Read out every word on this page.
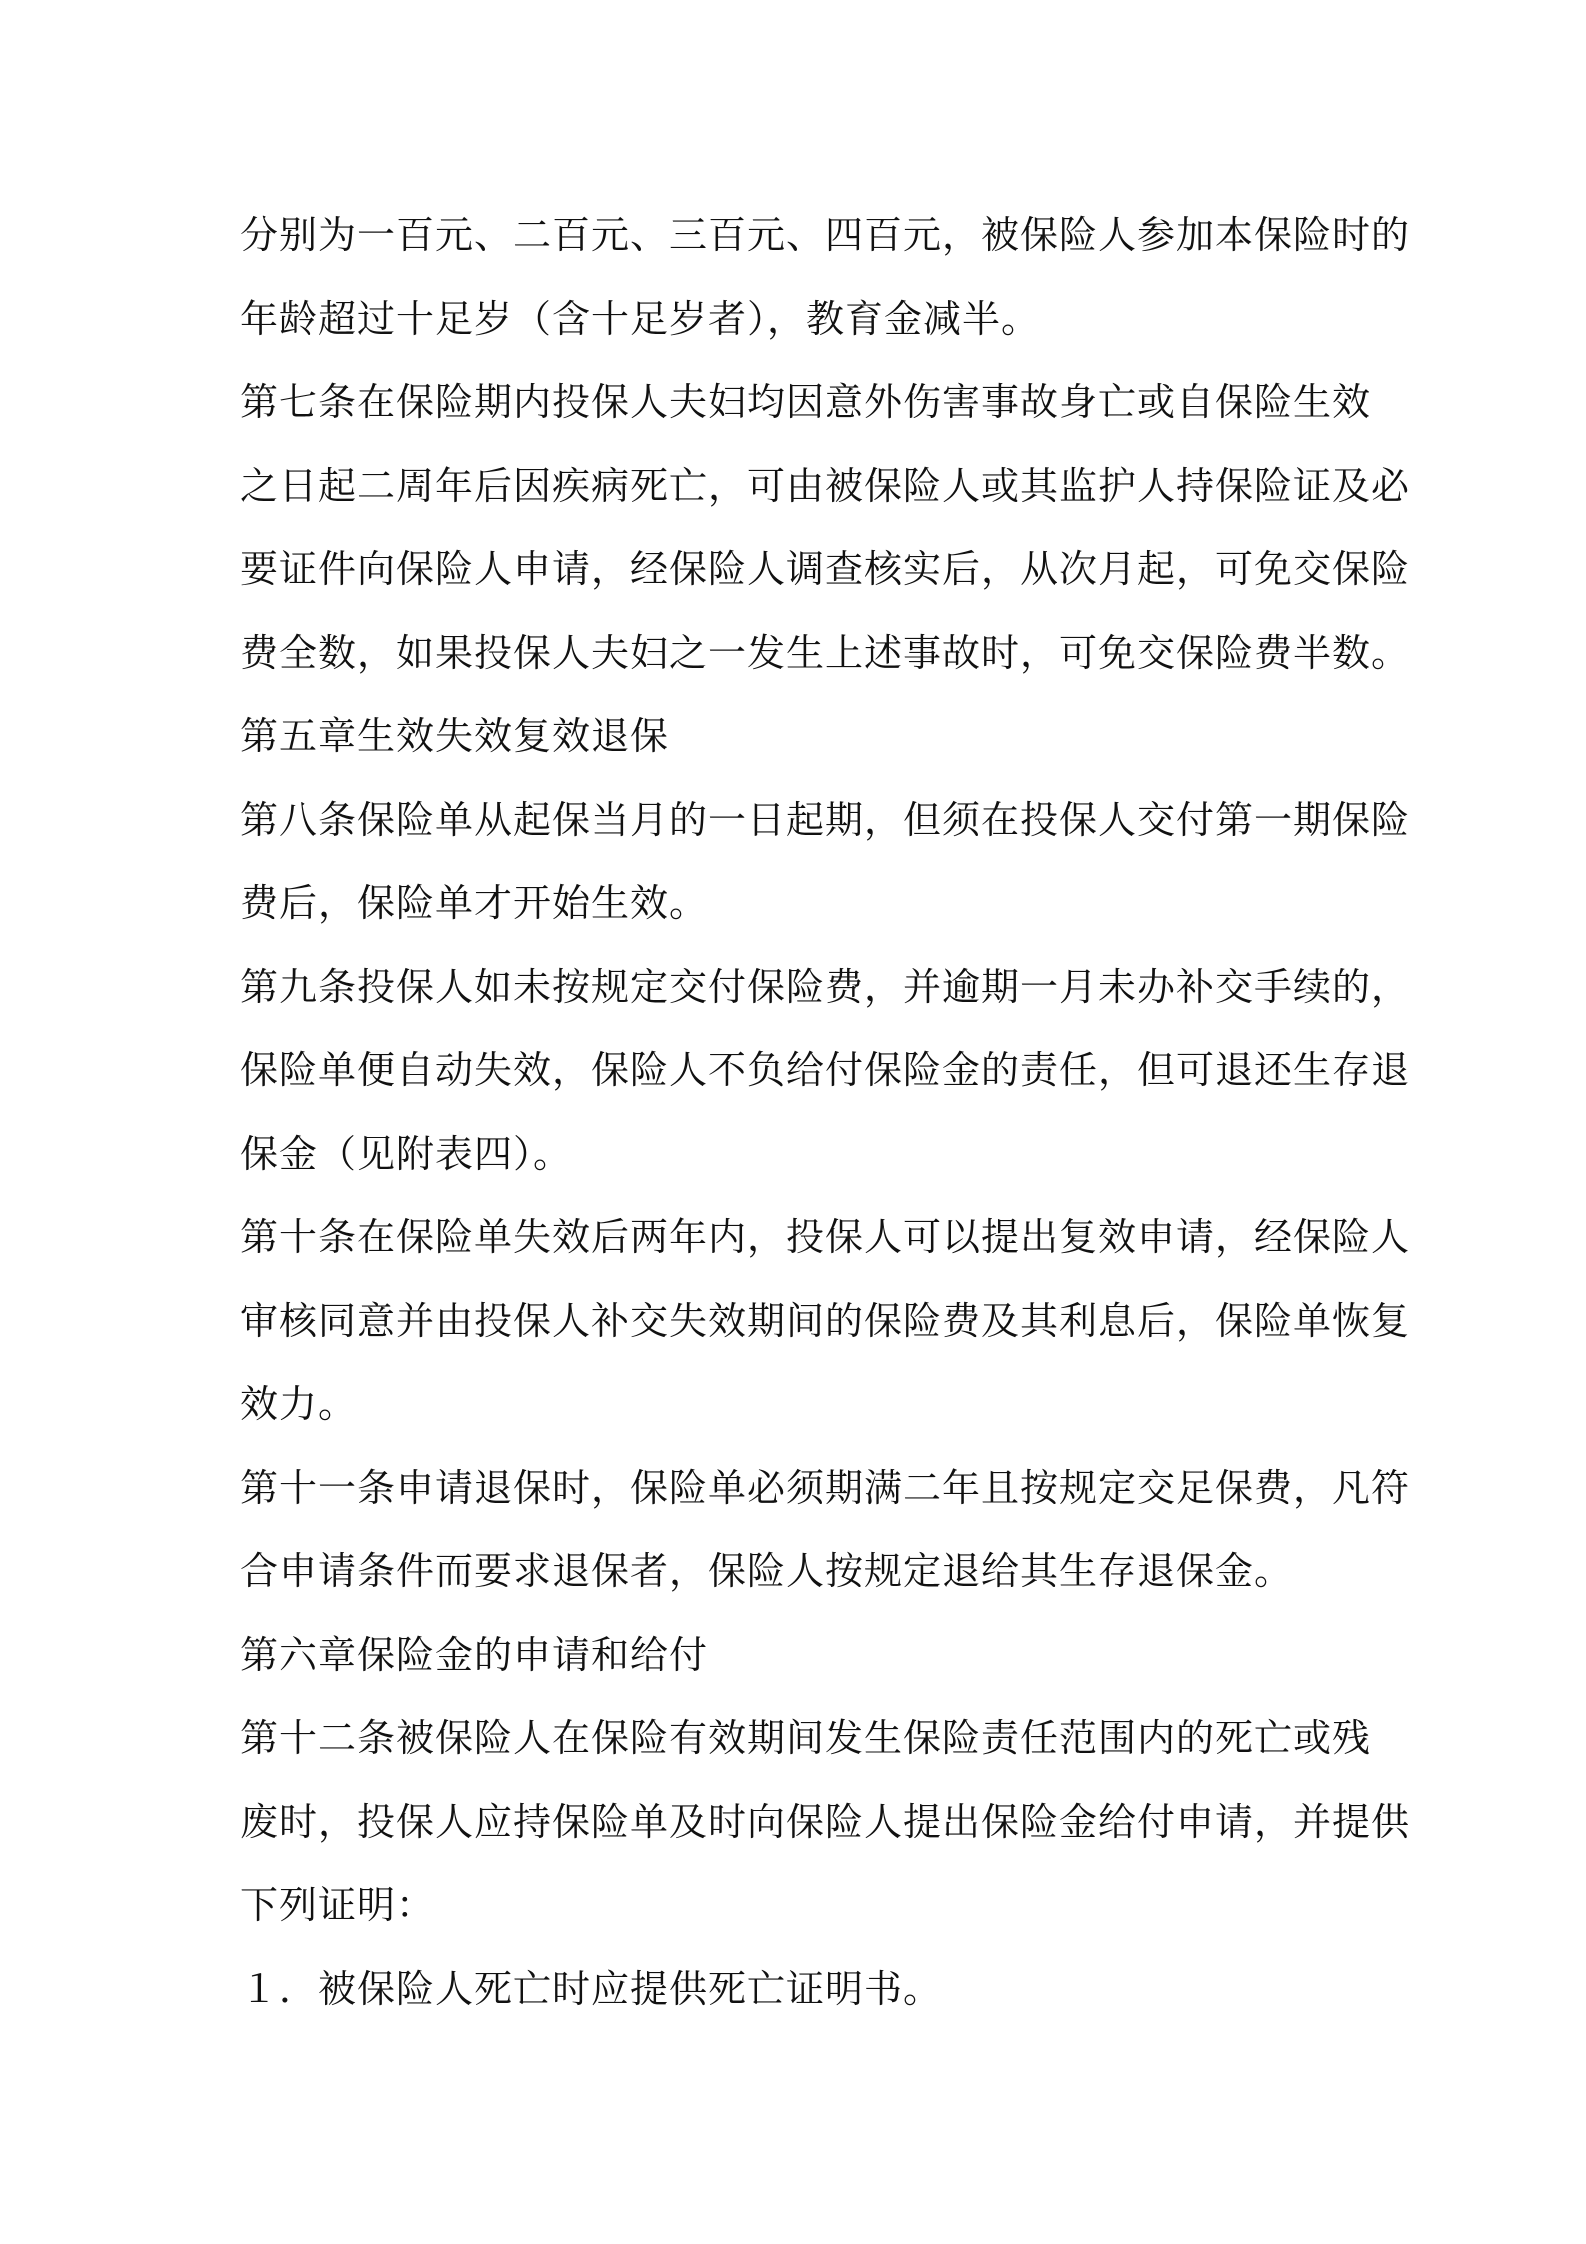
分别为一百元、二百元、三百元、四百元，被保险人参加本保险时的
年龄超过十足岁（含十足岁者），教育金减半。
第七条在保险期内投保人夫妇均因意外伤害事故身亡或自保险生效
之日起二周年后因疾病死亡，可由被保险人或其监护人持保险证及必
要证件向保险人申请，经保险人调查核实后，从次月起，可免交保险
费全数，如果投保人夫妇之一发生上述事故时，可免交保险费半数。
第五章生效失效复效退保
第八条保险单从起保当月的一日起期，但须在投保人交付第一期保险
费后，保险单才开始生效。
第九条投保人如未按规定交付保险费，并逾期一月未办补交手续的，
保险单便自动失效，保险人不负给付保险金的责任，但可退还生存退
保金（见附表四）。
第十条在保险单失效后两年内，投保人可以提出复效申请，经保险人
审核同意并由投保人补交失效期间的保险费及其利息后，保险单恢复
效力。
第十一条申请退保时，保险单必须期满二年且按规定交足保费，凡符
合申请条件而要求退保者，保险人按规定退给其生存退保金。
第六章保险金的申请和给付
第十二条被保险人在保险有效期间发生保险责任范围内的死亡或残
废时，投保人应持保险单及时向保险人提出保险金给付申请，并提供
下列证明：
１．被保险人死亡时应提供死亡证明书。
